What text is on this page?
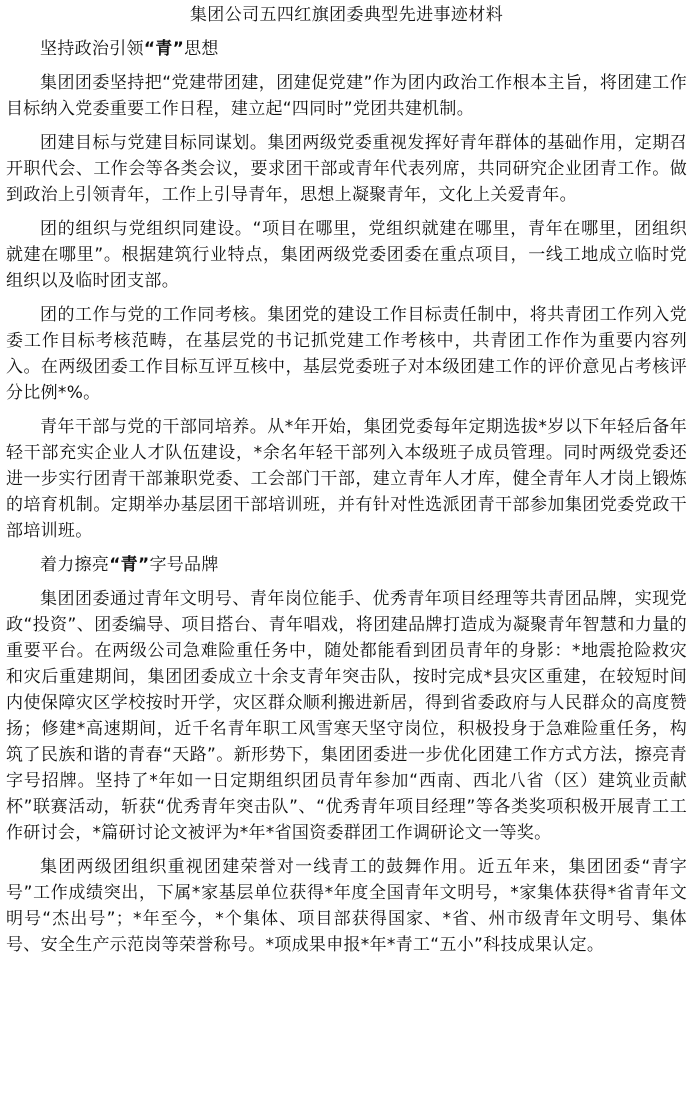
集团公司五四红旗团委典型先进事迹材料
坚持政治引领“青”思想

集团团委坚持把“党建带团建，团建促党建”作为团内政治工作根本主旨，将团建工作目标纳入党委重要工作日程，建立起“四同时”党团共建机制。

团建目标与党建目标同谋划。集团两级党委重视发挥好青年群体的基础作用，定期召开职代会、工作会等各类会议，要求团干部或青年代表列席，共同研究企业团青工作。做到政治上引领青年，工作上引导青年，思想上凝聚青年，文化上关爱青年。

团的组织与党组织同建设。“项目在哪里，党组织就建在哪里，青年在哪里，团组织就建在哪里”。根据建筑行业特点，集团两级党委团委在重点项目，一线工地成立临时党组织以及临时团支部。

团的工作与党的工作同考核。集团党的建设工作目标责任制中，将共青团工作列入党委工作目标考核范畴，在基层党的书记抓党建工作考核中，共青团工作作为重要内容列入。在两级团委工作目标互评互核中，基层党委班子对本级团建工作的评价意见占考核评分比例*%。

青年干部与党的干部同培养。从*年开始，集团党委每年定期选拔*岁以下年轻后备年轻干部充实企业人才队伍建设，*余名年轻干部列入本级班子成员管理。同时两级党委还进一步实行团青干部兼职党委、工会部门干部，建立青年人才库，健全青年人才岗上锻炼的培育机制。定期举办基层团干部培训班，并有针对性选派团青干部参加集团党委党政干部培训班。

着力擦亮“青”字号品牌

集团团委通过青年文明号、青年岗位能手、优秀青年项目经理等共青团品牌，实现党政“投资”、团委编导、项目搭台、青年唱戏，将团建品牌打造成为凝聚青年智慧和力量的重要平台。在两级公司急难险重任务中，随处都能看到团员青年的身影：*地震抢险救灾和灾后重建期间，集团团委成立十余支青年突击队，按时完成*县灾区重建，在较短时间内使保障灾区学校按时开学，灾区群众顺利搬进新居，得到省委政府与人民群众的高度赞扬；修建*高速期间，近千名青年职工风雪寒天坚守岗位，积极投身于急难险重任务，构筑了民族和谐的青春“天路”。新形势下，集团团委进一步优化团建工作方式方法，擦亮青字号招牌。坚持了*年如一日定期组织团员青年参加“西南、西北八省（区）建筑业贡献杯”联赛活动，斩获“优秀青年突击队”、“优秀青年项目经理”等各类奖项积极开展青工工作研讨会，*篇研讨论文被评为*年*省国资委群团工作调研论文一等奖。

集团两级团组织重视团建荣誉对一线青工的鼓舞作用。近五年来，集团团委“青字号”工作成绩突出，下属*家基层单位获得*年度全国青年文明号，*家集体获得*省青年文明号“杰出号”；*年至今，*个集体、项目部获得国家、*省、州市级青年文明号、集体号、安全生产示范岗等荣誉称号。*项成果申报*年*青工“五小”科技成果认定。
